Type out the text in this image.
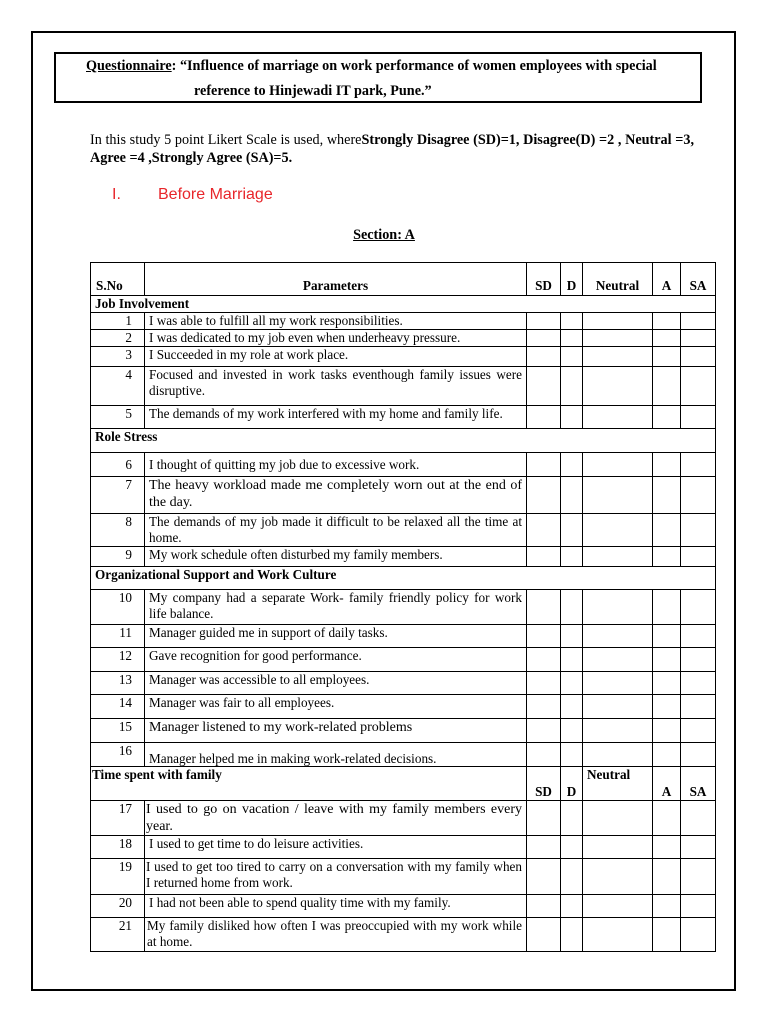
Questionnaire: “Influence of marriage on work performance of women employees with special
reference to Hinjewadi IT park, Pune.”
In this study 5 point Likert Scale is used, whereStrongly Disagree (SD)=1, Disagree(D) =2 , Neutral =3, Agree =4 ,Strongly Agree (SA)=5.
I. Before Marriage
Section: A
S.No	Parameters	SD	D	Neutral	A	SA
Job Involvement						
1	I was able to fulfill all my work responsibilities.					
2	I was dedicated to my job even when underheavy pressure.					
3	I Succeeded in my role at work place.					
4	Focused and invested in work tasks eventhough family issues were disruptive.					
5	The demands of my work interfered with my home and family life.					
Role Stress						
6	I thought of quitting my job due to excessive work.					
7	The heavy workload made me completely worn out at the end of the day.					
8	The demands of my job made it difficult to be relaxed all the time at home.					
9	My work schedule often disturbed my family members.					
Organizational Support and Work Culture						
10	My company had a separate Work- family friendly policy for work life balance.					
11	Manager guided me in support of daily tasks.					
12	Gave recognition for good performance.					
13	Manager was accessible to all employees.					
14	Manager was fair to all employees.					
15	Manager listened to my work-related problems					
16	Manager helped me in making work-related decisions.					
Time spent with family		SD	D	Neutral	A	SA
17	I used to go on vacation / leave with my family members every year.					
18	I used to get time to do leisure activities.					
19	I used to get too tired to carry on a conversation with my family when I returned home from work.					
20	I had not been able to spend quality time with my family.					
21	My family disliked how often I was preoccupied with my work while at home.					
